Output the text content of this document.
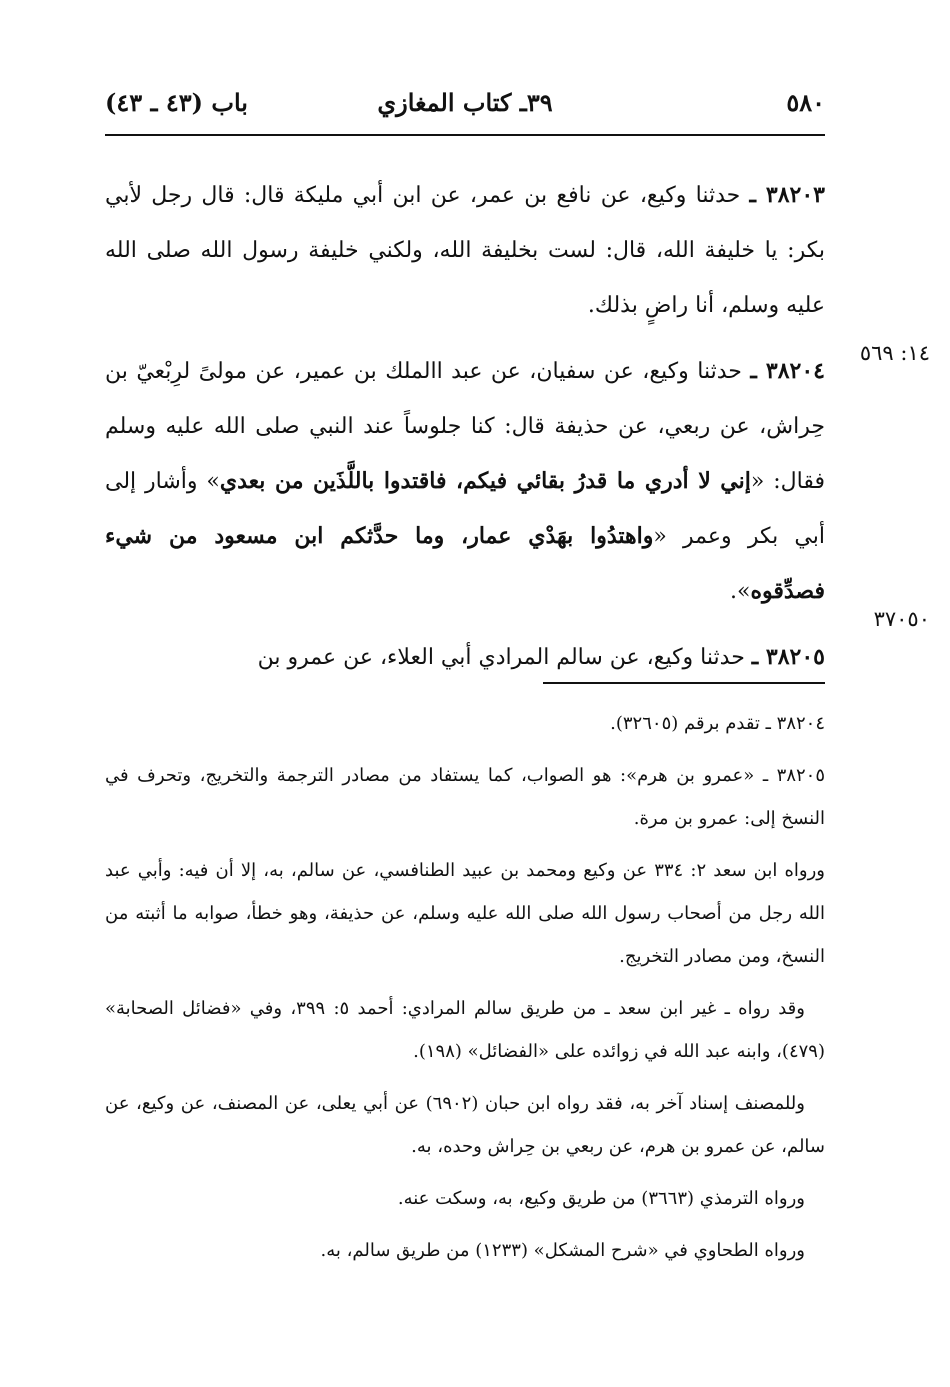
٥٨٠
٣٩ـ كتاب المغازي
باب (٤٣ ـ ٤٣)
١٤: ٥٦٩
٣٧٠٥٠

٣٨٢٠٣ ـ حدثنا وكيع، عن نافع بن عمر، عن ابن أبي مليكة قال: قال رجل لأبي بكر: يا خليفة الله، قال: لست بخليفة الله، ولكني خليفة رسول الله صلى الله عليه وسلم، أنا راضٍ بذلك.

٣٨٢٠٤ ـ حدثنا وكيع، عن سفيان، عن عبد االملك بن عمير، عن مولىً لرِبْعيّ بن حِراش، عن ربعي، عن حذيفة قال: كنا جلوساً عند النبي صلى الله عليه وسلم فقال: «إني لا أدري ما قدرُ بقائي فيكم، فاقتدوا باللَّذَين من بعدي» وأشار إلى أبي بكر وعمر «واهتدُوا بهَدْي عمار، وما حدَّثكم ابن مسعود من شيء فصدِّقوه».

٣٨٢٠٥ ـ حدثنا وكيع، عن سالم المرادي أبي العلاء، عن عمرو بن

٣٨٢٠٤ ـ تقدم برقم (٣٢٦٠٥).

٣٨٢٠٥ ـ «عمرو بن هرم»: هو الصواب، كما يستفاد من مصادر الترجمة والتخريج، وتحرف في النسخ إلى: عمرو بن مرة.

ورواه ابن سعد ٢: ٣٣٤ عن وكيع ومحمد بن عبيد الطنافسي، عن سالم، به، إلا أن فيه: وأبي عبد الله رجل من أصحاب رسول الله صلى الله عليه وسلم، عن حذيفة، وهو خطأ، صوابه ما أثبته من النسخ، ومن مصادر التخريج.

وقد رواه ـ غير ابن سعد ـ من طريق سالم المرادي: أحمد ٥: ٣٩٩، وفي «فضائل الصحابة» (٤٧٩)، وابنه عبد الله في زوائده على «الفضائل» (١٩٨).

وللمصنف إسناد آخر به، فقد رواه ابن حبان (٦٩٠٢) عن أبي يعلى، عن المصنف، عن وكيع، عن سالم، عن عمرو بن هرم، عن ربعي بن حِراش وحده، به.

ورواه الترمذي (٣٦٦٣) من طريق وكيع، به، وسكت عنه.

ورواه الطحاوي في «شرح المشكل» (١٢٣٣) من طريق سالم، به.
